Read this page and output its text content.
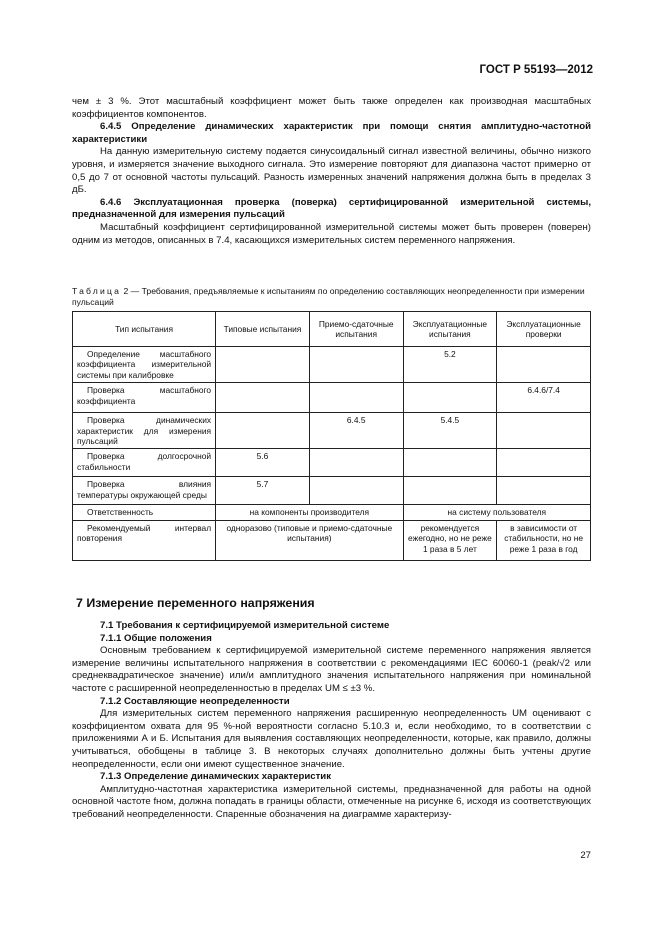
ГОСТ Р 55193—2012

чем ± 3 %. Этот масштабный коэффициент может быть также определен как производная масштабных коэффициентов компонентов.

6.4.5 Определение динамических характеристик при помощи снятия амплитудно-частотной характеристики

На данную измерительную систему подается синусоидальный сигнал известной величины, обычно низкого уровня, и измеряется значение выходного сигнала. Это измерение повторяют для диапазона частот примерно от 0,5 до 7 от основной частоты пульсаций. Разность измеренных значений напряжения должна быть в пределах 3 дБ.

6.4.6 Эксплуатационная проверка (поверка) сертифицированной измерительной системы, предназначенной для измерения пульсаций

Масштабный коэффициент сертифицированной измерительной системы может быть проверен (поверен) одним из методов, описанных в 7.4, касающихся измерительных систем переменного напряжения.

Таблица 2 — Требования, предъявляемые к испытаниям по определению составляющих неопределенности при измерении пульсаций
Тип испытания	Типовые испытания	Приемо-сдаточные испытания	Эксплуатационные испытания	Эксплуатационные проверки

Определение масштабного коэффициента измерительной системы при калибровке			5.2	

Проверка масштабного коэффициента				6.4.6/7.4

Проверка динамических характеристик для измерения пульсаций		6.4.5	5.4.5	

Проверка долгосрочной стабильности	5.6			

Проверка влияния температуры окружающей среды	5.7			

Ответственность	на компоненты производителя		на систему пользователя	

Рекомендуемый интервал повторения	одноразово (типовые и приемо-сдаточные испытания)		рекомендуется ежегодно, но не реже 1 раза в 5 лет	в зависимости от стабильности, но не реже 1 раза в год
7 Измерение переменного напряжения

7.1 Требования к сертифицируемой измерительной системе

7.1.1 Общие положения

Основным требованием к сертифицируемой измерительной системе переменного напряжения является измерение величины испытательного напряжения в соответствии с рекомендациями IEC 60060-1 (peak/√2 или среднеквадратическое значение) или/и амплитудного значения испытательного напряжения при номинальной частоте с расширенной неопределенностью в пределах UM ≤ ±3 %.

7.1.2 Составляющие неопределенности

Для измерительных систем переменного напряжения расширенную неопределенность UM оценивают с коэффициентом охвата для 95 %-ной вероятности согласно 5.10.3 и, если необходимо, то в соответствии с приложениями А и Б. Испытания для выявления составляющих неопределенности, которые, как правило, должны учитываться, обобщены в таблице 3. В некоторых случаях дополнительно должны быть учтены другие неопределенности, если они имеют существенное значение.

7.1.3 Определение динамических характеристик

Амплитудно-частотная характеристика измерительной системы, предназначенной для работы на одной основной частоте fном, должна попадать в границы области, отмеченные на рисунке 6, исходя из соответствующих требований неопределенности. Спаренные обозначения на диаграмме характеризу-

27
